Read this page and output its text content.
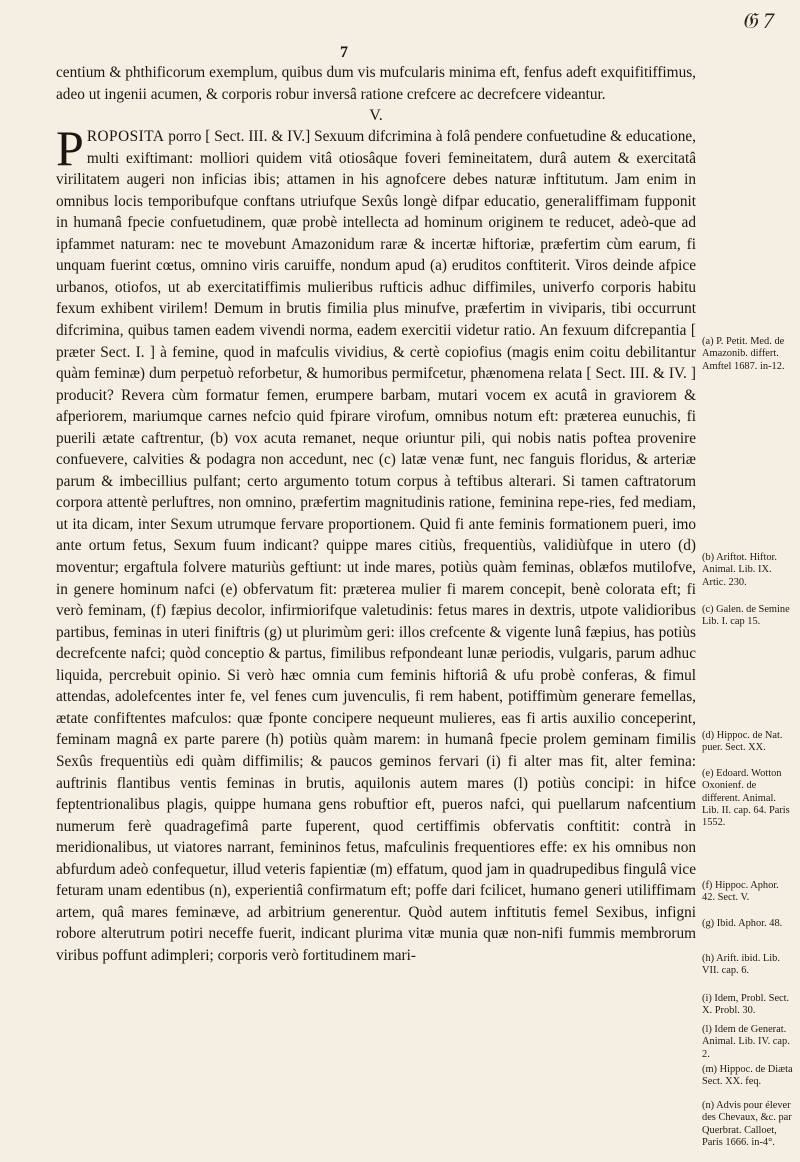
𝔊 7
7

centium & phthificorum exemplum, quibus dum vis mufcularis minima eft, fenfus adeft exquifitiffimus, adeo ut ingenii acumen, & corporis robur inversâ ratione crefcere ac decrefcere videantur.

V.

PROPOSITA porro [ Sect. III. & IV.] Sexuum difcrimina à folâ pendere confuetudine & educatione, multi exiftimant: molliori quidem vitâ otiosâque foveri femineitatem, durâ autem & exercitatâ virilitatem augeri non inficias ibis; attamen in his agnofcere debes naturæ inftitutum. Jam enim in omnibus locis temporibufque conftans utriufque Sexûs longè difpar educatio, generaliffimam fupponit in humanâ fpecie confuetudinem, quæ probè intellecta ad hominum originem te reducet, adeò-que ad ipfammet naturam: nec te movebunt Amazonidum raræ & incertæ hiftoriæ, præfertim cùm earum, fi unquam fuerint cœtus, omnino viris caruiffe, nondum apud (a) eruditos conftiterit. Viros deinde afpice urbanos, otiofos, ut ab exercitatiffimis mulieribus rufticis adhuc diffimiles, univerfo corporis habitu fexum exhibent virilem! Demum in brutis fimilia plus minufve, præfertim in viviparis, tibi occurrunt difcrimina, quibus tamen eadem vivendi norma, eadem exercitii videtur ratio. An fexuum difcrepantia [ præter Sect. I. ] à femine, quod in mafculis vividius, & certè copiofius (magis enim coitu debilitantur quàm feminæ) dum perpetuò reforbetur, & humoribus permifcetur, phænomena relata [ Sect. III. & IV. ] producit? Revera cùm formatur femen, erumpere barbam, mutari vocem ex acutâ in graviorem & afperiorem, mariumque carnes nefcio quid fpirare virofum, omnibus notum eft: præterea eunuchis, fi puerili ætate caftrentur, (b) vox acuta remanet, neque oriuntur pili, qui nobis natis poftea provenire confuevere, calvities & podagra non accedunt, nec (c) latæ venæ funt, nec fanguis floridus, & arteriæ parum & imbecillius pulfant; certo argumento totum corpus à teftibus alterari. Si tamen caftratorum corpora attentè perluftres, non omnino, præfertim magnitudinis ratione, feminina repe-ries, fed mediam, ut ita dicam, inter Sexum utrumque fervare proportionem. Quid fi ante feminis formationem pueri, imo ante ortum fetus, Sexum fuum indicant? quippe mares citiùs, frequentiùs, validiùfque in utero (d) moventur; ergaftula folvere maturiùs geftiunt: ut inde mares, potiùs quàm feminas, oblæfos mutilofve, in genere hominum nafci (e) obfervatum fit: præterea mulier fi marem concepit, benè colorata eft; fi verò feminam, (f) fæpius decolor, infirmiorifque valetudinis: fetus mares in dextris, utpote validioribus partibus, feminas in uteri finiftris (g) ut plurimùm geri: illos crefcente & vigente lunâ fæpius, has potiùs decrefcente nafci; quòd conceptio & partus, fimilibus refpondeant lunæ periodis, vulgaris, parum adhuc liquida, percrebuit opinio. Si verò hæc omnia cum feminis hiftoriâ & ufu probè conferas, & fimul attendas, adolefcentes inter fe, vel fenes cum juvenculis, fi rem habent, potiffimùm generare femellas, ætate confiftentes mafculos: quæ fponte concipere nequeunt mulieres, eas fi artis auxilio conceperint, feminam magnâ ex parte parere (h) potiùs quàm marem: in humanâ fpecie prolem geminam fimilis Sexûs frequentiùs edi quàm diffimilis; & paucos geminos fervari (i) fi alter mas fit, alter femina: auftrinis flantibus ventis feminas in brutis, aquilonis autem mares (l) potiùs concipi: in hifce feptentrionalibus plagis, quippe humana gens robuftior eft, pueros nafci, qui puellarum nafcentium numerum ferè quadragefimâ parte fuperent, quod certiffimis obfervatis conftitit: contrà in meridionalibus, ut viatores narrant, femininos fetus, mafculinis frequentiores effe: ex his omnibus non abfurdum adeò confequetur, illud veteris fapientiæ (m) effatum, quod jam in quadrupedibus fingulâ vice feturam unam edentibus (n), experientiâ confirmatum eft; poffe dari fcilicet, humano generi utiliffimam artem, quâ mares feminæve, ad arbitrium generentur. Quòd autem inftitutis femel Sexibus, infigni robore alterutrum potiri neceffe fuerit, indicant plurima vitæ munia quæ non-nifi fummis membrorum viribus poffunt adimpleri; corporis verò fortitudinem mari-

(a) P. Petit. Med. de Amazonib. differt. Amftel 1687. in-12.
(b) Ariftot. Hiftor. Animal. Lib. IX. Artic. 230.
(c) Galen. de Semine Lib. I. cap 15.
(d) Hippoc. de Nat. puer. Sect. XX.
(e) Edoard. Wotton Oxonienf. de different. Animal. Lib. II. cap. 64. Paris 1552.
(f) Hippoc. Aphor. 42. Sect. V.
(g) Ibid. Aphor. 48.
(h) Arift. ibid. Lib. VII. cap. 6.
(i) Idem, Probl. Sect. X. Probl. 30.
(l) Idem de Generat. Animal. Lib. IV. cap. 2.
(m) Hippoc. de Diæta Sect. XX. feq.
(n) Advis pour élever des Chevaux, &c. par Querbrat. Calloet, Paris 1666. in-4°.
